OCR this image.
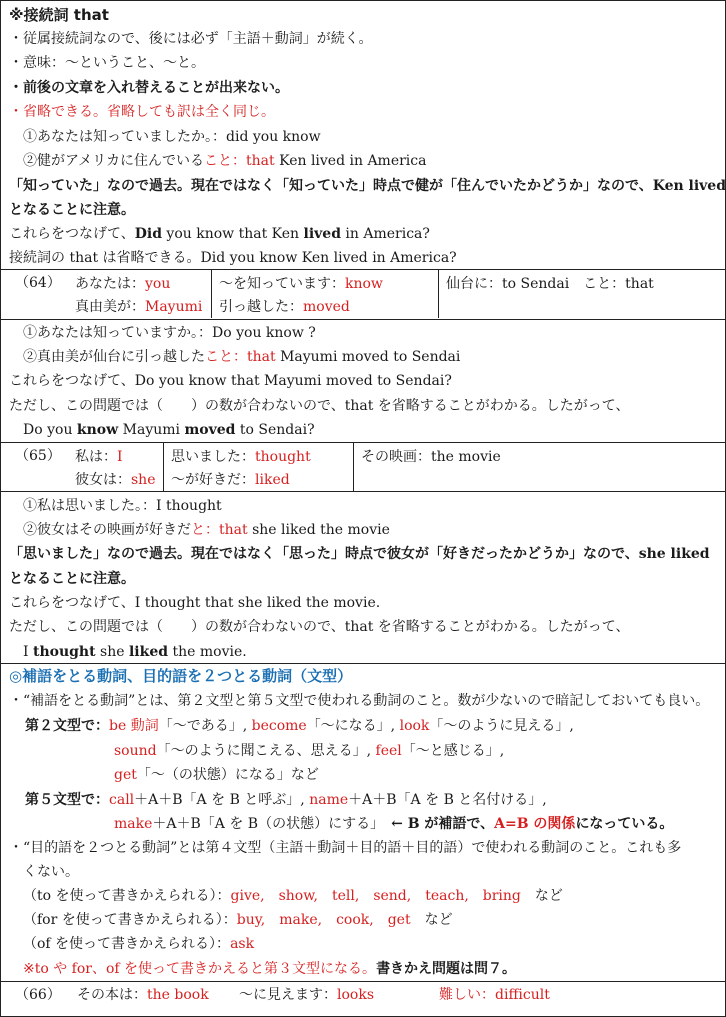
※接続詞 that
・従属接続詞なので、後には必ず「主語＋動詞」が続く。
・意味：～ということ、～と。
・前後の文章を入れ替えることが出来ない。
・省略できる。省略しても訳は全く同じ。
①あなたは知っていましたか。：did you know
②健がアメリカに住んでいること：that Ken lived in America
「知っていた」なので過去。現在ではなく「知っていた」時点で健が「住んでいたかどうか」なので、Ken lived
となることに注意。
これらをつなげて、Did you know that Ken lived in America?
接続詞の that は省略できる。Did you know Ken lived in America?
（64） あなたは：you
真由美が：Mayumi
～を知っています：know
引っ越した：moved
仙台に：to Sendai　こと：that
①あなたは知っていますか。：Do you know ?
②真由美が仙台に引っ越したこと：that Mayumi moved to Sendai
これらをつなげて、Do you know that Mayumi moved to Sendai?
ただし、この問題では（　　）の数が合わないので、that を省略することがわかる。したがって、
Do you know Mayumi moved to Sendai?
（65） 私は：I
彼女は：she
思いました：thought
～が好きだ：liked
その映画：the movie
①私は思いました。：I thought
②彼女はその映画が好きだと：that she liked the movie
「思いました」なので過去。現在ではなく「思った」時点で彼女が「好きだったかどうか」なので、she liked
となることに注意。
これらをつなげて、I thought that she liked the movie.
ただし、この問題では（　　）の数が合わないので、that を省略することがわかる。したがって、
I thought she liked the movie.
◎補語をとる動詞、目的語を２つとる動詞（文型）
・“補語をとる動詞”とは、第２文型と第５文型で使われる動詞のこと。数が少ないので暗記しておいても良い。
第２文型で：be 動詞「～である」, become「～になる」, look「～のように見える」,
sound「～のように聞こえる、思える」, feel「～と感じる」,
get「～（の状態）になる」など
第５文型で：call＋A＋B「A を B と呼ぶ」, name＋A＋B「A を B と名付ける」,
make＋A＋B「A を B（の状態）にする」　← B が補語で、A=B の関係になっている。
・“目的語を２つとる動詞”とは第４文型（主語＋動詞＋目的語＋目的語）で使われる動詞のこと。これも多
くない。
（to を使って書きかえられる）：give,　show,　tell,　send,　teach,　bring　など
（for を使って書きかえられる）：buy,　make,　cook,　get　など
（of を使って書きかえられる）：ask
※to や for、of を使って書きかえると第３文型になる。書きかえ問題は問７。
（66） その本は：the book ～に見えます：looks	難しい：difficult
